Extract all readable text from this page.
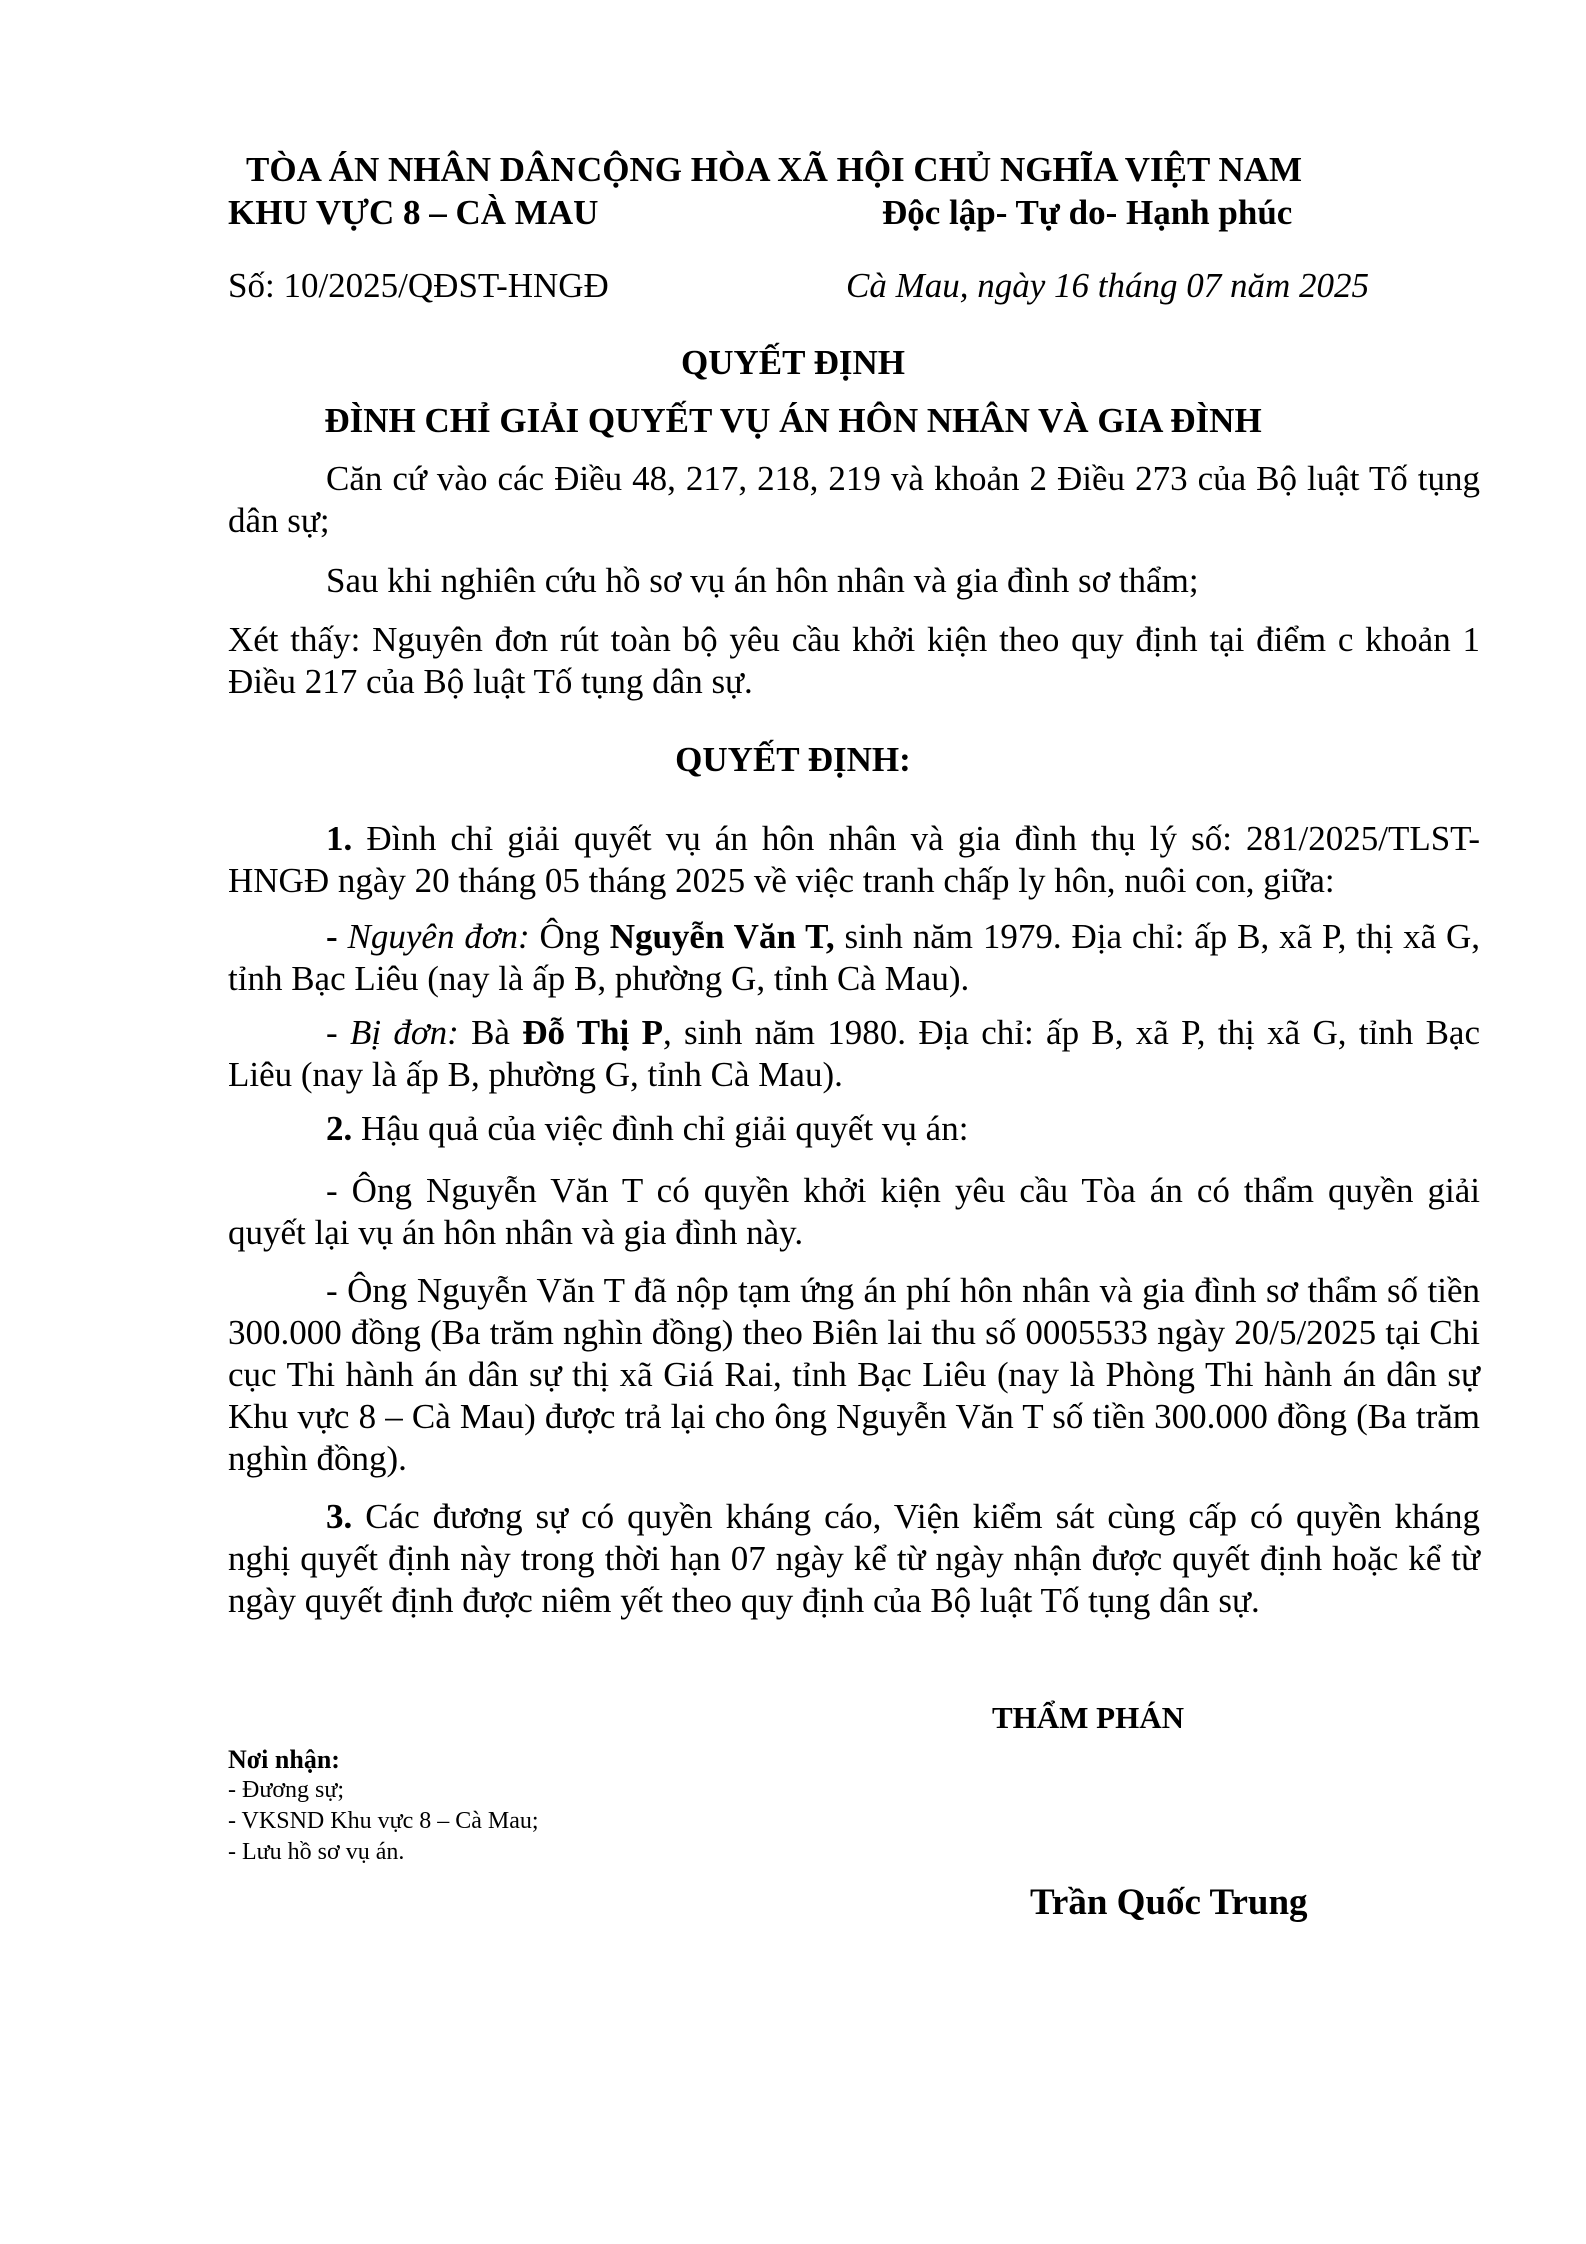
TÒA ÁN NHÂN DÂN
KHU VỰC 8 – CÀ MAU
CỘNG HÒA XÃ HỘI CHỦ NGHĨA VIỆT NAM
Độc lập- Tự do- Hạnh phúc
Số: 10/2025/QĐST-HNGĐ	Cà Mau, ngày 16 tháng 07 năm 2025
QUYẾT ĐỊNH
ĐÌNH CHỈ GIẢI QUYẾT VỤ ÁN HÔN NHÂN VÀ GIA ĐÌNH
Căn cứ vào các Điều 48, 217, 218, 219 và khoản 2 Điều 273 của Bộ luật Tố tụng dân sự;
Sau khi nghiên cứu hồ sơ vụ án hôn nhân và gia đình sơ thẩm;
Xét thấy: Nguyên đơn rút toàn bộ yêu cầu khởi kiện theo quy định tại điểm c khoản 1 Điều 217 của Bộ luật Tố tụng dân sự.
QUYẾT ĐỊNH:
1. Đình chỉ giải quyết vụ án hôn nhân và gia đình thụ lý số: 281/2025/TLST-HNGĐ ngày 20 tháng 05 tháng 2025 về việc tranh chấp ly hôn, nuôi con, giữa:
- Nguyên đơn: Ông Nguyễn Văn T, sinh năm 1979. Địa chỉ: ấp B, xã P, thị xã G, tỉnh Bạc Liêu (nay là ấp B, phường G, tỉnh Cà Mau).
- Bị đơn: Bà Đỗ Thị P, sinh năm 1980. Địa chỉ: ấp B, xã P, thị xã G, tỉnh Bạc Liêu (nay là ấp B, phường G, tỉnh Cà Mau).
2. Hậu quả của việc đình chỉ giải quyết vụ án:
- Ông Nguyễn Văn T có quyền khởi kiện yêu cầu Tòa án có thẩm quyền giải quyết lại vụ án hôn nhân và gia đình này.
- Ông Nguyễn Văn T đã nộp tạm ứng án phí hôn nhân và gia đình sơ thẩm số tiền 300.000 đồng (Ba trăm nghìn đồng) theo Biên lai thu số 0005533 ngày 20/5/2025 tại Chi cục Thi hành án dân sự thị xã Giá Rai, tỉnh Bạc Liêu (nay là Phòng Thi hành án dân sự Khu vực 8 – Cà Mau) được trả lại cho ông Nguyễn Văn T số tiền 300.000 đồng (Ba trăm nghìn đồng).
3. Các đương sự có quyền kháng cáo, Viện kiểm sát cùng cấp có quyền kháng nghị quyết định này trong thời hạn 07 ngày kể từ ngày nhận được quyết định hoặc kể từ ngày quyết định được niêm yết theo quy định của Bộ luật Tố tụng dân sự.
THẨM PHÁN
Nơi nhận:
- Đương sự;
- VKSND Khu vực 8 – Cà Mau;
- Lưu hồ sơ vụ án.
Trần Quốc Trung
